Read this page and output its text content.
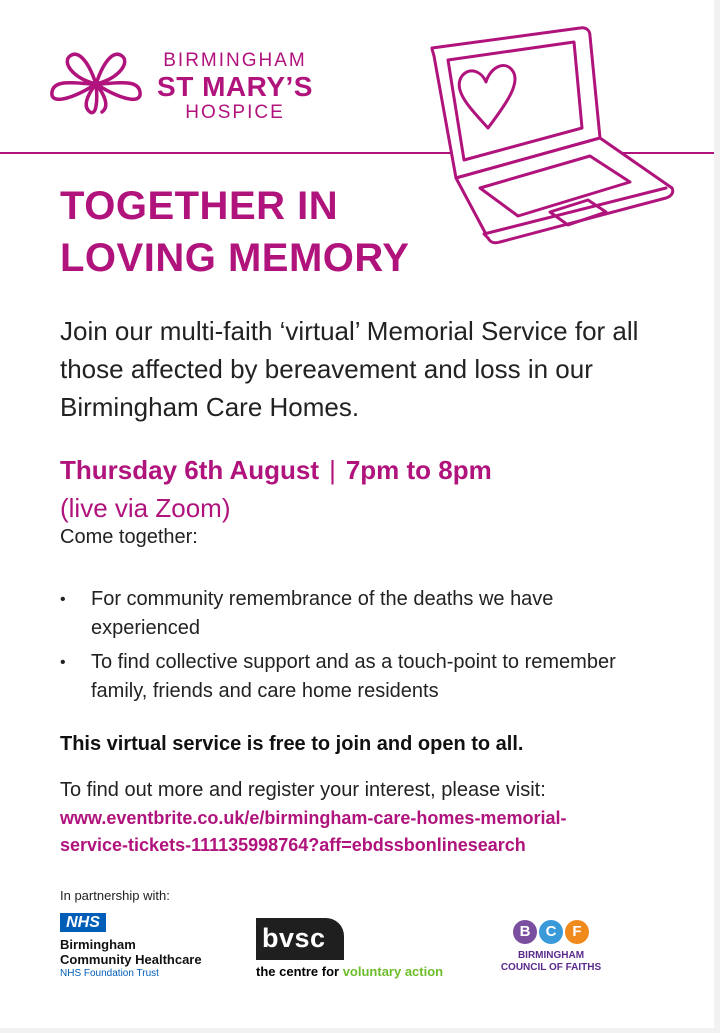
BIRMINGHAM
ST MARY’S
HOSPICE
TOGETHER IN
LOVING MEMORY
Join our multi-faith ‘virtual’ Memorial Service for all those affected by bereavement and loss in our Birmingham Care Homes.
Thursday 6th August | 7pm to 8pm
(live via Zoom)
Come together:
• For community remembrance of the deaths we have experienced
• To find collective support and as a touch-point to remember family, friends and care home residents
This virtual service is free to join and open to all.
To find out more and register your interest, please visit:
www.eventbrite.co.uk/e/birmingham-care-homes-memorial-
service-tickets-111135998764?aff=ebdssbonlinesearch
In partnership with:
NHS
Birmingham
Community Healthcare
NHS Foundation Trust
bvsc
the centre for voluntary action
B	C	F
BIRMINGHAM
COUNCIL OF FAITHS
